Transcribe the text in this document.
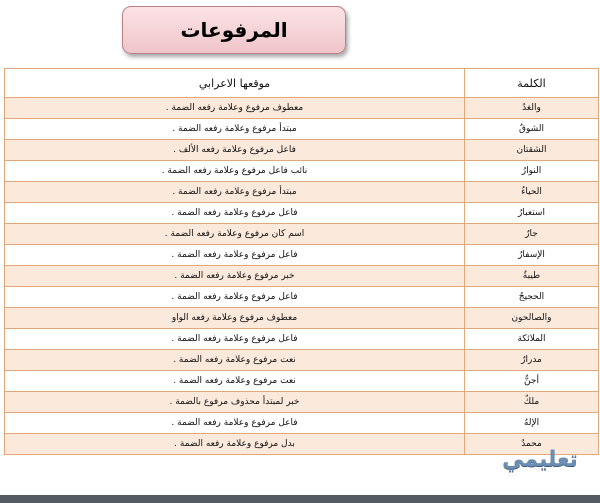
المرفوعات
موقعها الاعرابي	الكلمة
معطوف مرفوع وعلامة رفعه الضمة .	والغدُ
مبتدأ مرفوع وعلامة رفعه الضمة .	الشوقُ
فاعل مرفوع وعلامة رفعه الألف .	الشقتان
نائب فاعل مرفوع وعلامة رفعه الضمة .	النوارُ
مبتدأ مرفوع وعلامة رفعه الضمة .	الحياءُ
فاعل مرفوع وعلامة رفعه الضمة .	استعبارُ
اسم كان مرفوع وعلامة رفعه الضمة .	جارٌ
فاعل مرفوع وعلامة رفعه الضمة .	الإسفارُ
خبر مرفوع وعلامة رفعه الضمة .	طيبةٌ
فاعل مرفوع وعلامة رفعه الضمة .	الحجيجُ
معطوف مرفوع وعلامة رفعه الواو	والصالحون
فاعل مرفوع وعلامة رفعه الضمة .	الملائكة
نعت مرفوع وعلامة رفعه الضمة .	مدرارٌ
نعت مرفوع وعلامة رفعه الضمة .	أجنٌّ
خبر لمبتدأ محذوف مرفوع بالضمة .	ملكٌ
فاعل مرفوع وعلامة رفعه الضمة .	الإلهُ
بدل مرفوع وعلامة رفعه الضمة .	محمدٌ
تعليمي
